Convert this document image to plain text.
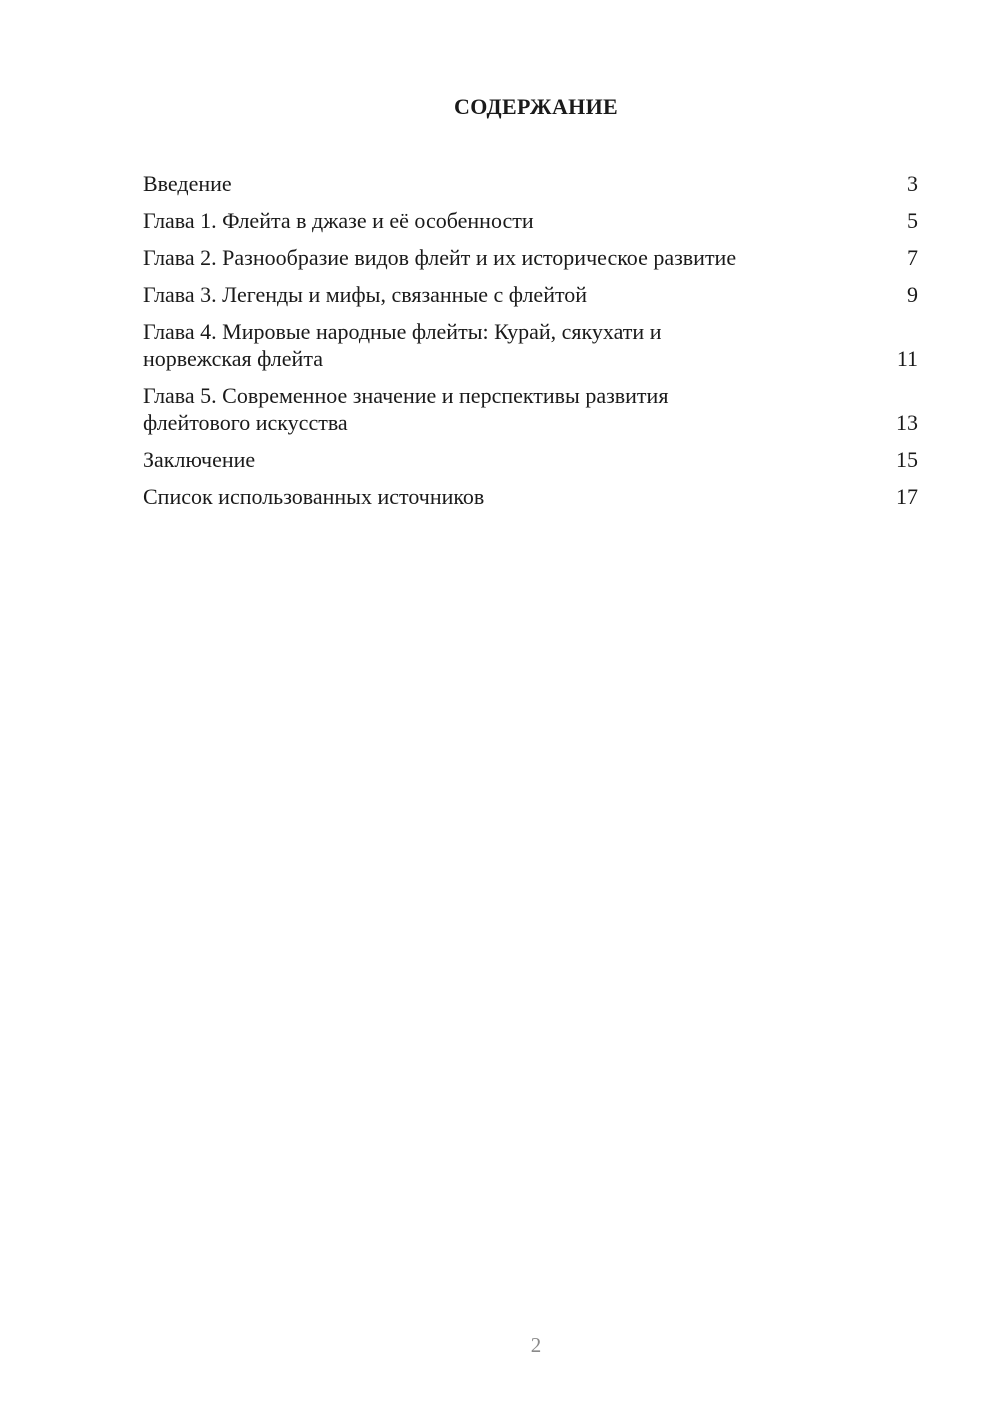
СОДЕРЖАНИЕ
Введение	3
Глава 1. Флейта в джазе и её особенности	5
Глава 2. Разнообразие видов флейт и их историческое развитие	7
Глава 3. Легенды и мифы, связанные с флейтой	9
Глава 4. Мировые народные флейты: Курай, сякухати и
норвежская флейта	11
Глава 5. Современное значение и перспективы развития
флейтового искусства	13
Заключение	15
Список использованных источников	17
2
